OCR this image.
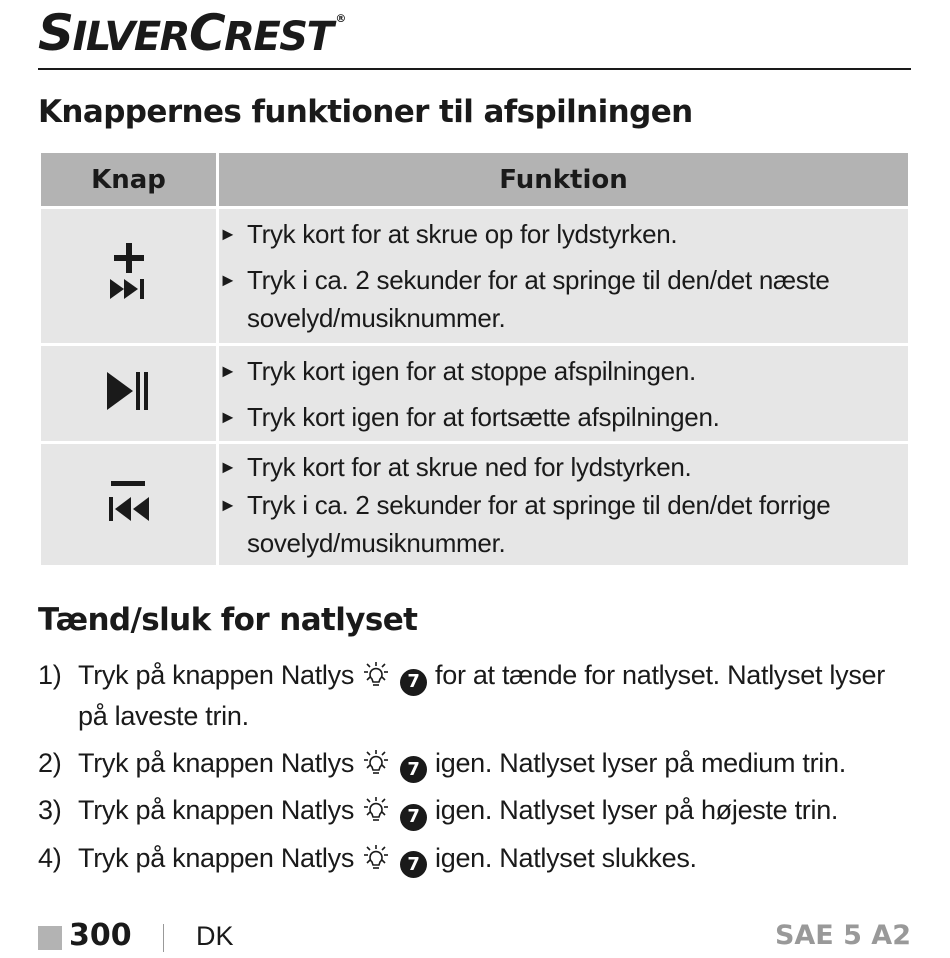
SILVERCREST ®
Knappernes funktioner til afspilningen
Knap	Funktion

► Tryk kort for at skrue op for lydstyrken.
► Tryk i ca. 2 sekunder for at springe til den/det næste sovelyd/musiknummer.

► Tryk kort igen for at stoppe afspilningen.
► Tryk kort igen for at fortsætte afspilningen.

► Tryk kort for at skrue ned for lydstyrken.
► Tryk i ca. 2 sekunder for at springe til den/det forrige sovelyd/musiknummer.
Tænd/sluk for natlyset
1) Tryk på knappen Natlys	7 for at tænde for natlyset. Natlyset lyser på laveste trin.
2) Tryk på knappen Natlys	7 igen. Natlyset lyser på medium trin.
3) Tryk på knappen Natlys	7 igen. Natlyset lyser på højeste trin.
4) Tryk på knappen Natlys	7 igen. Natlyset slukkes.
300 DK	SAE 5 A2
